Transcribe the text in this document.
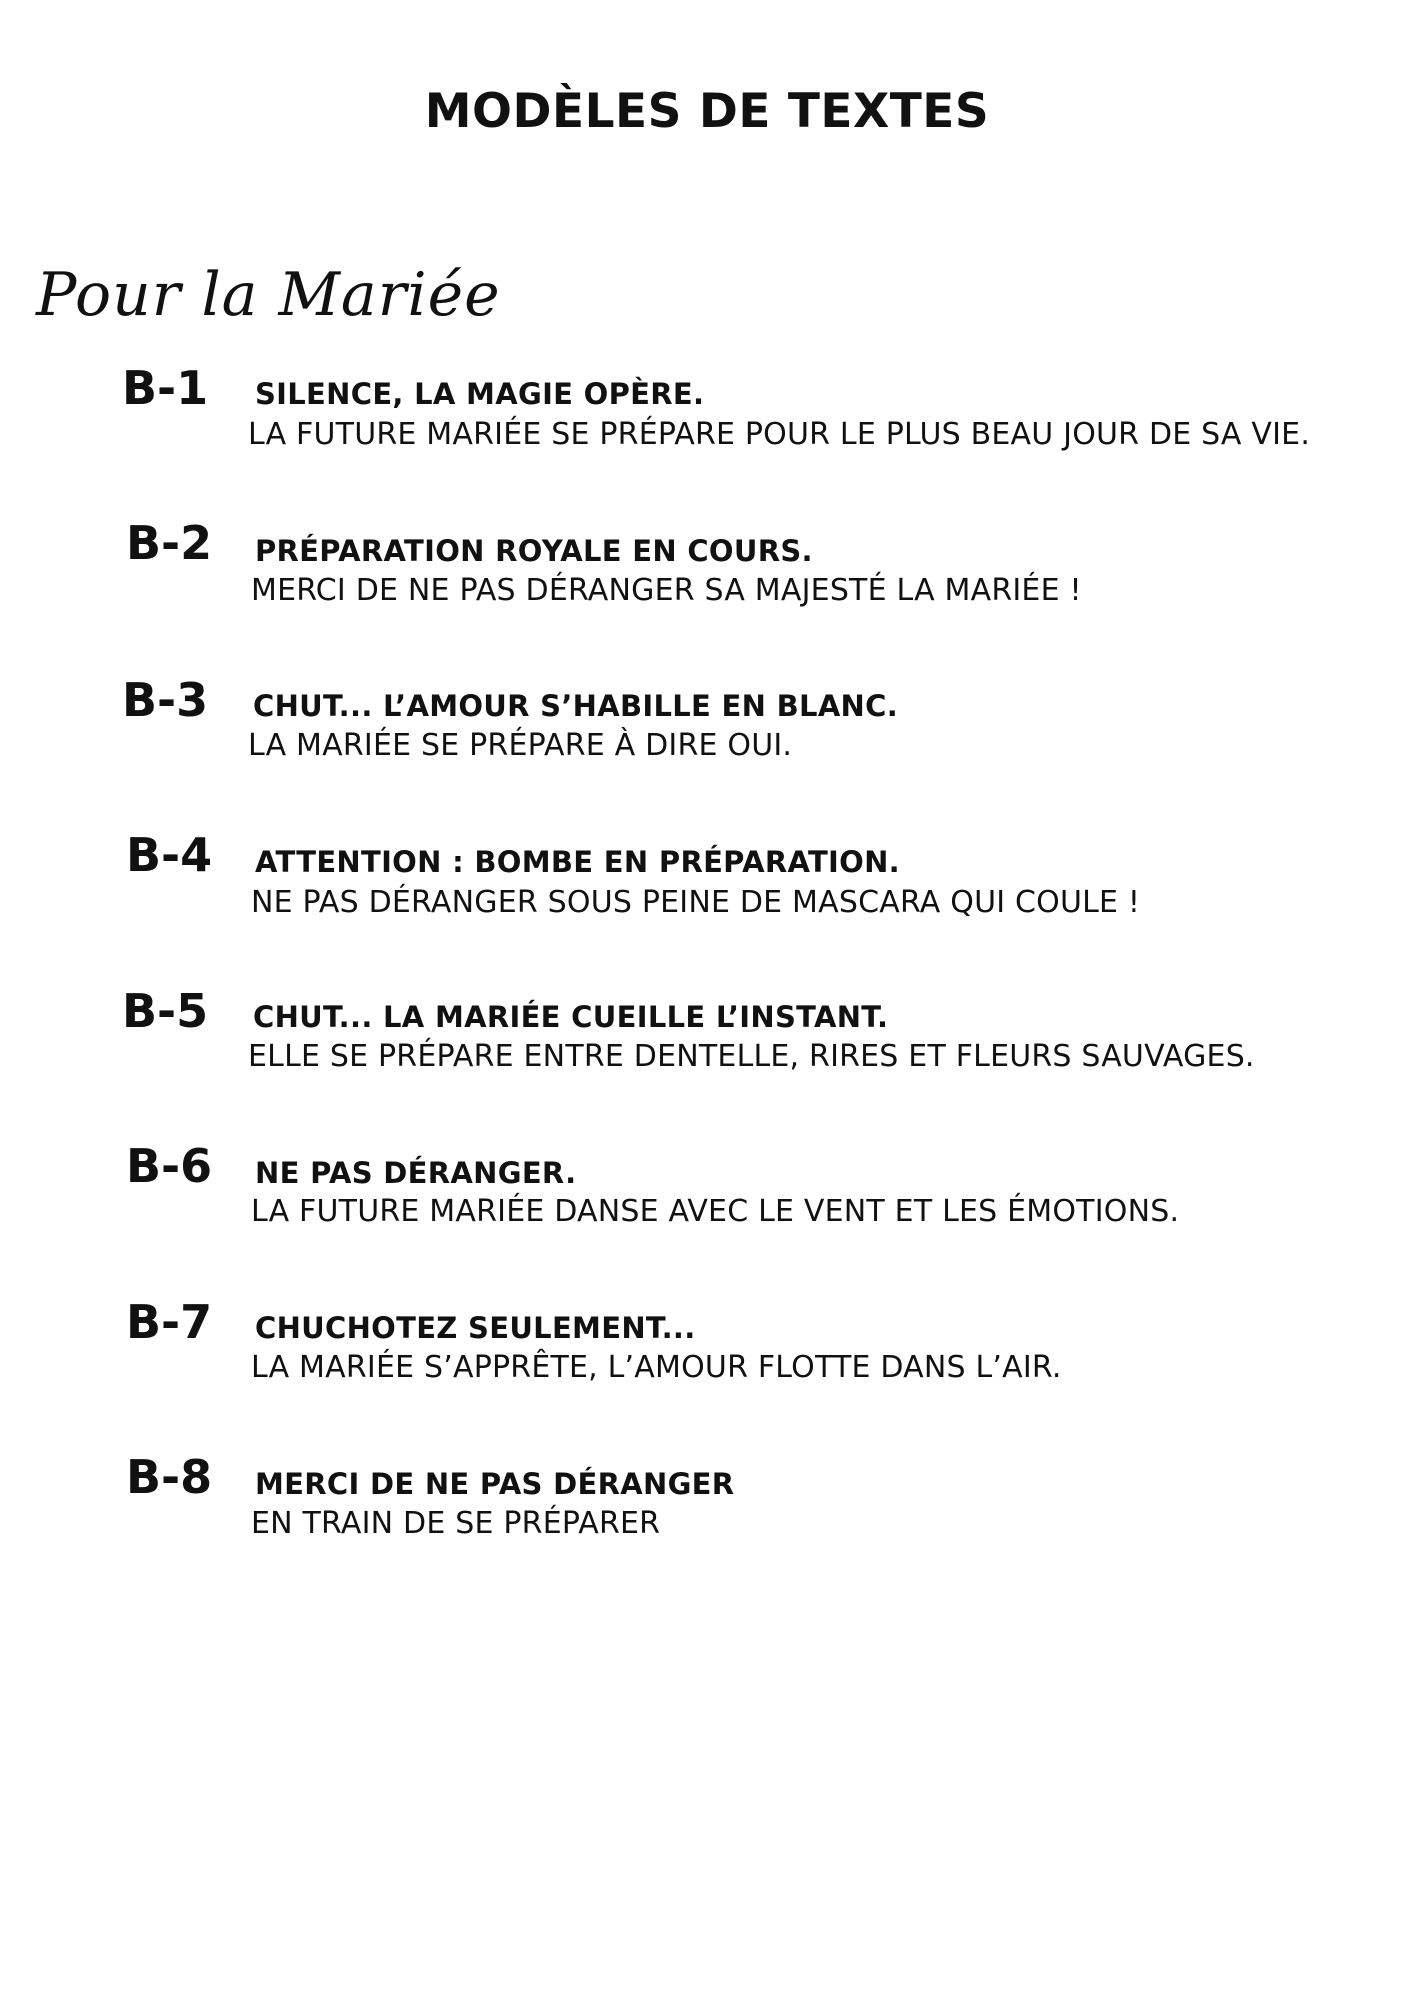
MODÈLES DE TEXTES
Pour la Mariée
B-1 SILENCE, LA MAGIE OPÈRE.
LA FUTURE MARIÉE SE PRÉPARE POUR LE PLUS BEAU JOUR DE SA VIE.
B-2 PRÉPARATION ROYALE EN COURS.
MERCI DE NE PAS DÉRANGER SA MAJESTÉ LA MARIÉE !
B-3 CHUT... L’AMOUR S’HABILLE EN BLANC.
LA MARIÉE SE PRÉPARE À DIRE OUI.
B-4 ATTENTION : BOMBE EN PRÉPARATION.
NE PAS DÉRANGER SOUS PEINE DE MASCARA QUI COULE !
B-5 CHUT... LA MARIÉE CUEILLE L’INSTANT.
ELLE SE PRÉPARE ENTRE DENTELLE, RIRES ET FLEURS SAUVAGES.
B-6 NE PAS DÉRANGER.
LA FUTURE MARIÉE DANSE AVEC LE VENT ET LES ÉMOTIONS.
B-7 CHUCHOTEZ SEULEMENT...
LA MARIÉE S’APPRÊTE, L’AMOUR FLOTTE DANS L’AIR.
B-8 MERCI DE NE PAS DÉRANGER
EN TRAIN DE SE PRÉPARER
